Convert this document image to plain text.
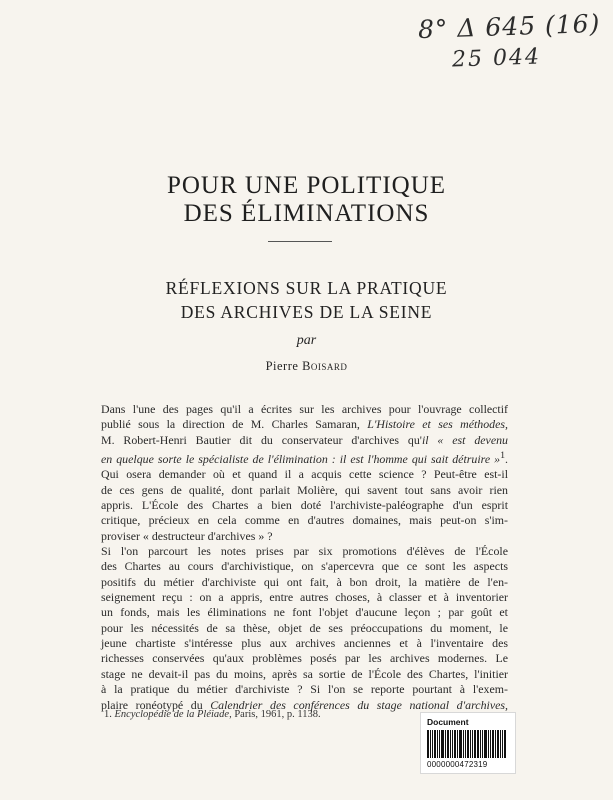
8° Δ 645 (16)
25 044
POUR UNE POLITIQUE
DES ÉLIMINATIONS
RÉFLEXIONS SUR LA PRATIQUE
DES ARCHIVES DE LA SEINE
par
Pierre Boisard

Dans l'une des pages qu'il a écrites sur les archives pour l'ouvrage collectif
publié sous la direction de M. Charles Samaran, L'Histoire et ses méthodes,
M. Robert-Henri Bautier dit du conservateur d'archives qu'il « est devenu
en quelque sorte le spécialiste de l'élimination : il est l'homme qui sait détruire »$^1$.
Qui osera demander où et quand il a acquis cette science ? Peut-être est-il
de ces gens de qualité, dont parlait Molière, qui savent tout sans avoir rien
appris. L'École des Chartes a bien doté l'archiviste-paléographe d'un esprit
critique, précieux en cela comme en d'autres domaines, mais peut-on s'im-
proviser « destructeur d'archives » ?

Si l'on parcourt les notes prises par six promotions d'élèves de l'École
des Chartes au cours d'archivistique, on s'apercevra que ce sont les aspects
positifs du métier d'archiviste qui ont fait, à bon droit, la matière de l'en-
seignement reçu : on a appris, entre autres choses, à classer et à inventorier
un fonds, mais les éliminations ne font l'objet d'aucune leçon ; par goût et
pour les nécessités de sa thèse, objet de ses préoccupations du moment, le
jeune chartiste s'intéresse plus aux archives anciennes et à l'inventaire des
richesses conservées qu'aux problèmes posés par les archives modernes. Le
stage ne devait-il pas du moins, après sa sortie de l'École des Chartes, l'initier
à la pratique du métier d'archiviste ? Si l'on se reporte pourtant à l'exem-
plaire ronéotypé du Calendrier des conférences du stage national d'archives,

1. Encyclopédie de la Pléiade, Paris, 1961, p. 1138.
Document
0000000472319
